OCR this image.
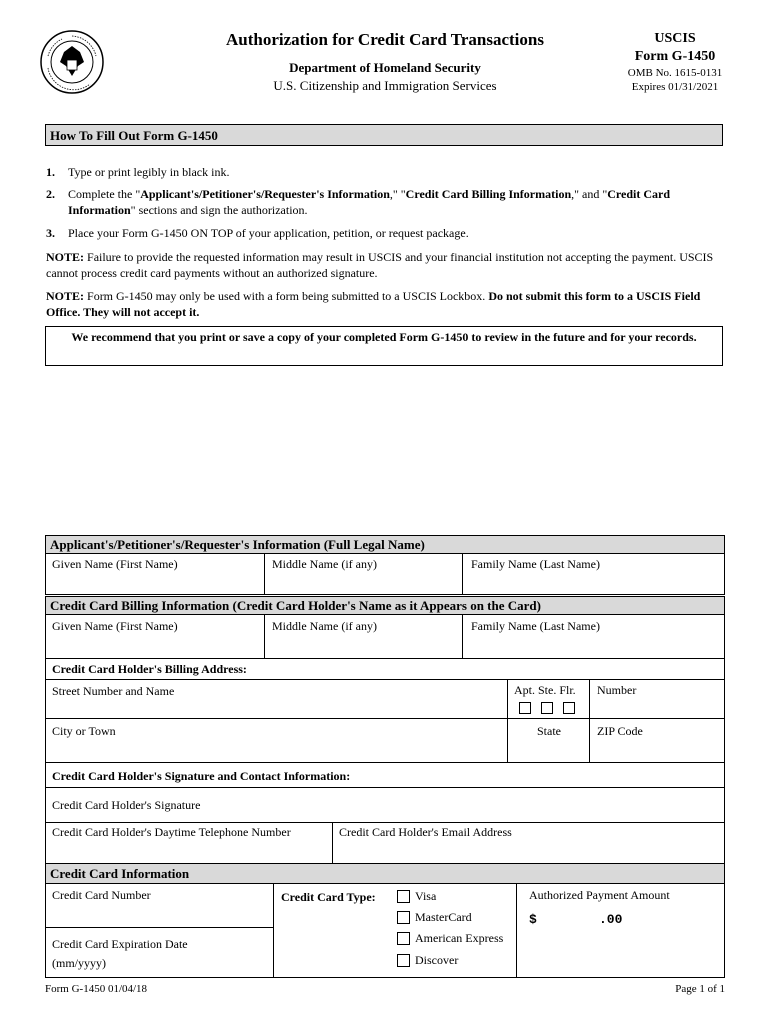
Authorization for Credit Card Transactions
Department of Homeland Security
U.S. Citizenship and Immigration Services
USCIS
Form G-1450
OMB No. 1615-0131
Expires 01/31/2021
How To Fill Out Form G-1450
1. Type or print legibly in black ink.
2. Complete the "Applicant's/Petitioner's/Requester's Information," "Credit Card Billing Information," and "Credit Card Information" sections and sign the authorization.
3. Place your Form G-1450 ON TOP of your application, petition, or request package.
NOTE: Failure to provide the requested information may result in USCIS and your financial institution not accepting the payment. USCIS cannot process credit card payments without an authorized signature.
NOTE: Form G-1450 may only be used with a form being submitted to a USCIS Lockbox. Do not submit this form to a USCIS Field Office. They will not accept it.
We recommend that you print or save a copy of your completed Form G-1450 to review in the future and for your records.
Applicant's/Petitioner's/Requester's Information (Full Legal Name)
Given Name (First Name)	Middle Name (if any)	Family Name (Last Name)
Credit Card Billing Information (Credit Card Holder's Name as it Appears on the Card)
Given Name (First Name)	Middle Name (if any)	Family Name (Last Name)
Credit Card Holder's Billing Address:
Street Number and Name	Apt. Ste. Flr. Number
City or Town	State	ZIP Code
Credit Card Holder's Signature and Contact Information:
Credit Card Holder's Signature
Credit Card Holder's Daytime Telephone Number	Credit Card Holder's Email Address
Credit Card Information
Credit Card Number
Credit Card Expiration Date
(mm/yyyy)
Credit Card Type:	Visa
MasterCard
American Express
Discover
Authorized Payment Amount
$	.00
Form G-1450 01/04/18	Page 1 of 1
